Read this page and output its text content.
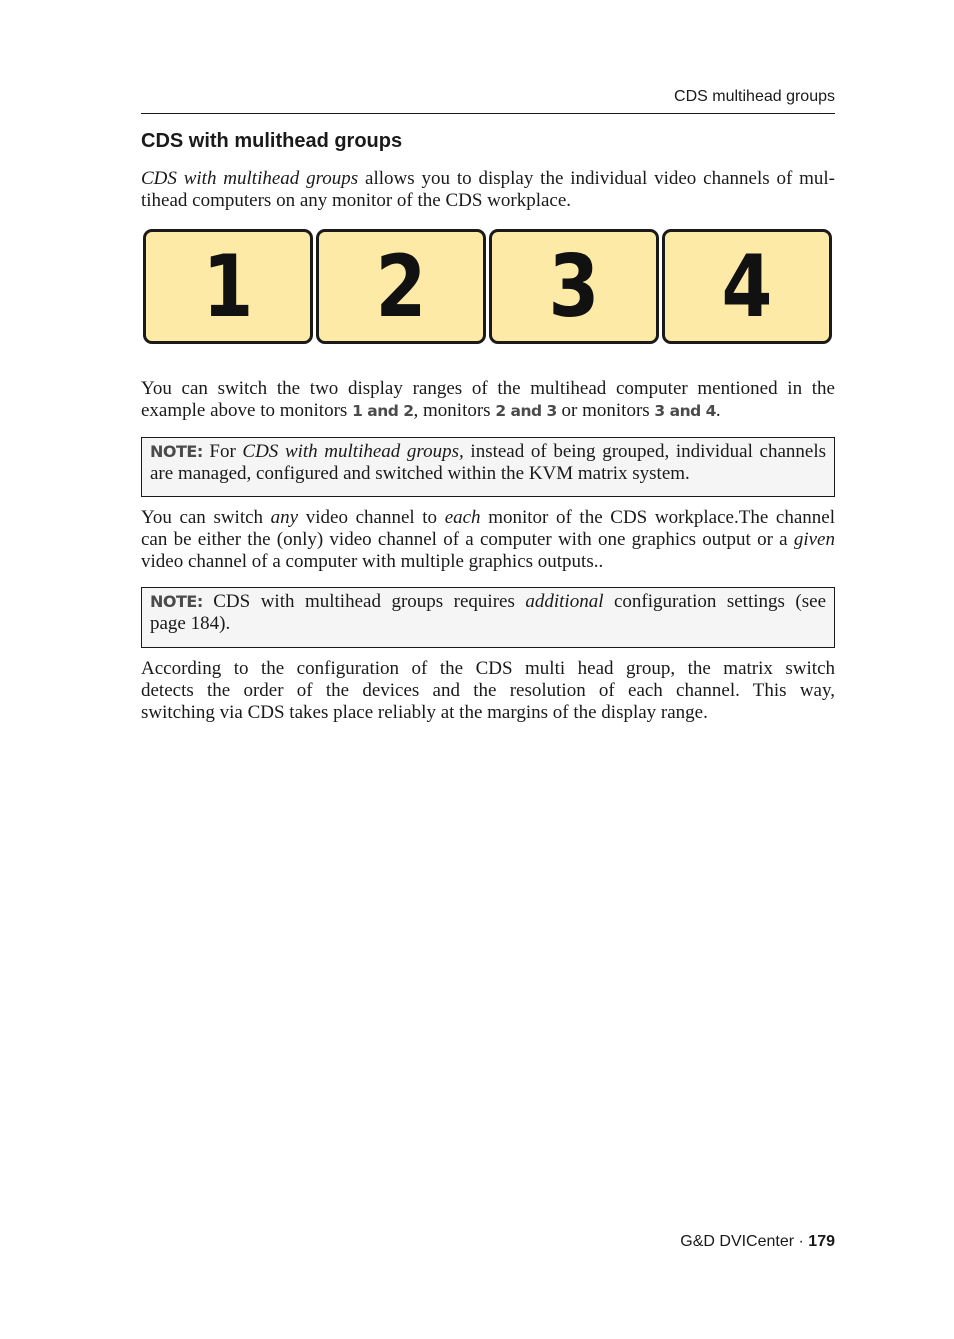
CDS multihead groups
CDS with mulithead groups

CDS with multihead groups allows you to display the individual video channels of mul-
tihead computers on any monitor of the CDS workplace.

1 2 3 4

You can switch the two display ranges of the multihead computer mentioned in the
example above to monitors 1 and 2, monitors 2 and 3 or monitors 3 and 4.

NOTE: For CDS with multihead groups, instead of being grouped, individual channels
are managed, configured and switched within the KVM matrix system.

You can switch any video channel to each monitor of the CDS workplace.The channel
can be either the (only) video channel of a computer with one graphics output or a given
video channel of a computer with multiple graphics outputs..

NOTE: CDS with multihead groups requires additional configuration settings (see
page 184).

According to the configuration of the CDS multi head group, the matrix switch
detects the order of the devices and the resolution of each channel. This way,
switching via CDS takes place reliably at the margins of the display range.

G&D DVICenter · 179
